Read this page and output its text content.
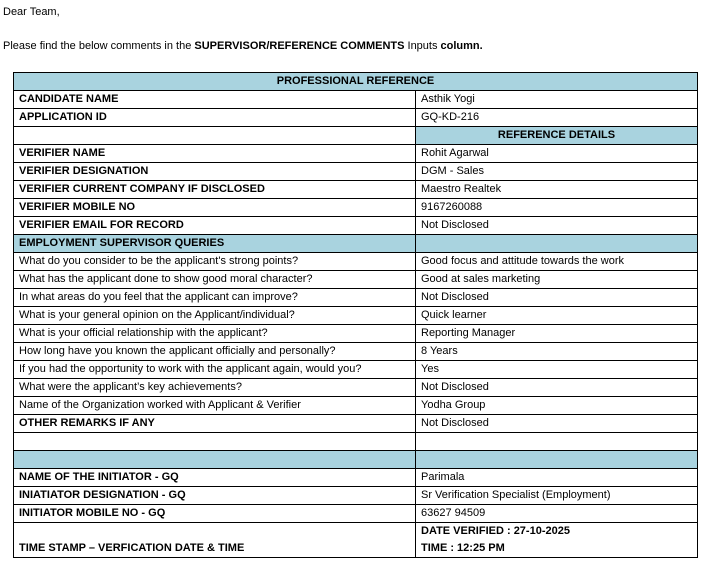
Dear Team,
Please find the below comments in the SUPERVISOR/REFERENCE COMMENTS Inputs column.
PROFESSIONAL REFERENCE	
CANDIDATE NAME	Asthik Yogi
APPLICATION ID	GQ-KD-216
	REFERENCE DETAILS
VERIFIER NAME	Rohit Agarwal
VERIFIER DESIGNATION	DGM - Sales
VERIFIER CURRENT COMPANY IF DISCLOSED	Maestro Realtek
VERIFIER MOBILE NO	9167260088
VERIFIER EMAIL FOR RECORD	Not Disclosed
EMPLOYMENT SUPERVISOR QUERIES	
What do you consider to be the applicant's strong points?	Good focus and attitude towards the work
What has the applicant done to show good moral character?	Good at sales marketing
In what areas do you feel that the applicant can improve?	Not Disclosed
What is your general opinion on the Applicant/individual?	Quick learner
What is your official relationship with the applicant?	Reporting Manager
How long have you known the applicant officially and personally?	8 Years
If you had the opportunity to work with the applicant again, would you?	Yes
What were the applicant’s key achievements?	Not Disclosed
Name of the Organization worked with Applicant & Verifier	Yodha Group
OTHER REMARKS IF ANY	Not Disclosed

NAME OF THE INITIATOR - GQ	Parimala
INIATIATOR DESIGNATION - GQ	Sr Verification Specialist (Employment)
INITIATOR MOBILE NO - GQ	63627 94509
TIME STAMP – VERFICATION DATE & TIME	DATE VERIFIED : 27-10-2025
TIME : 12:25 PM
